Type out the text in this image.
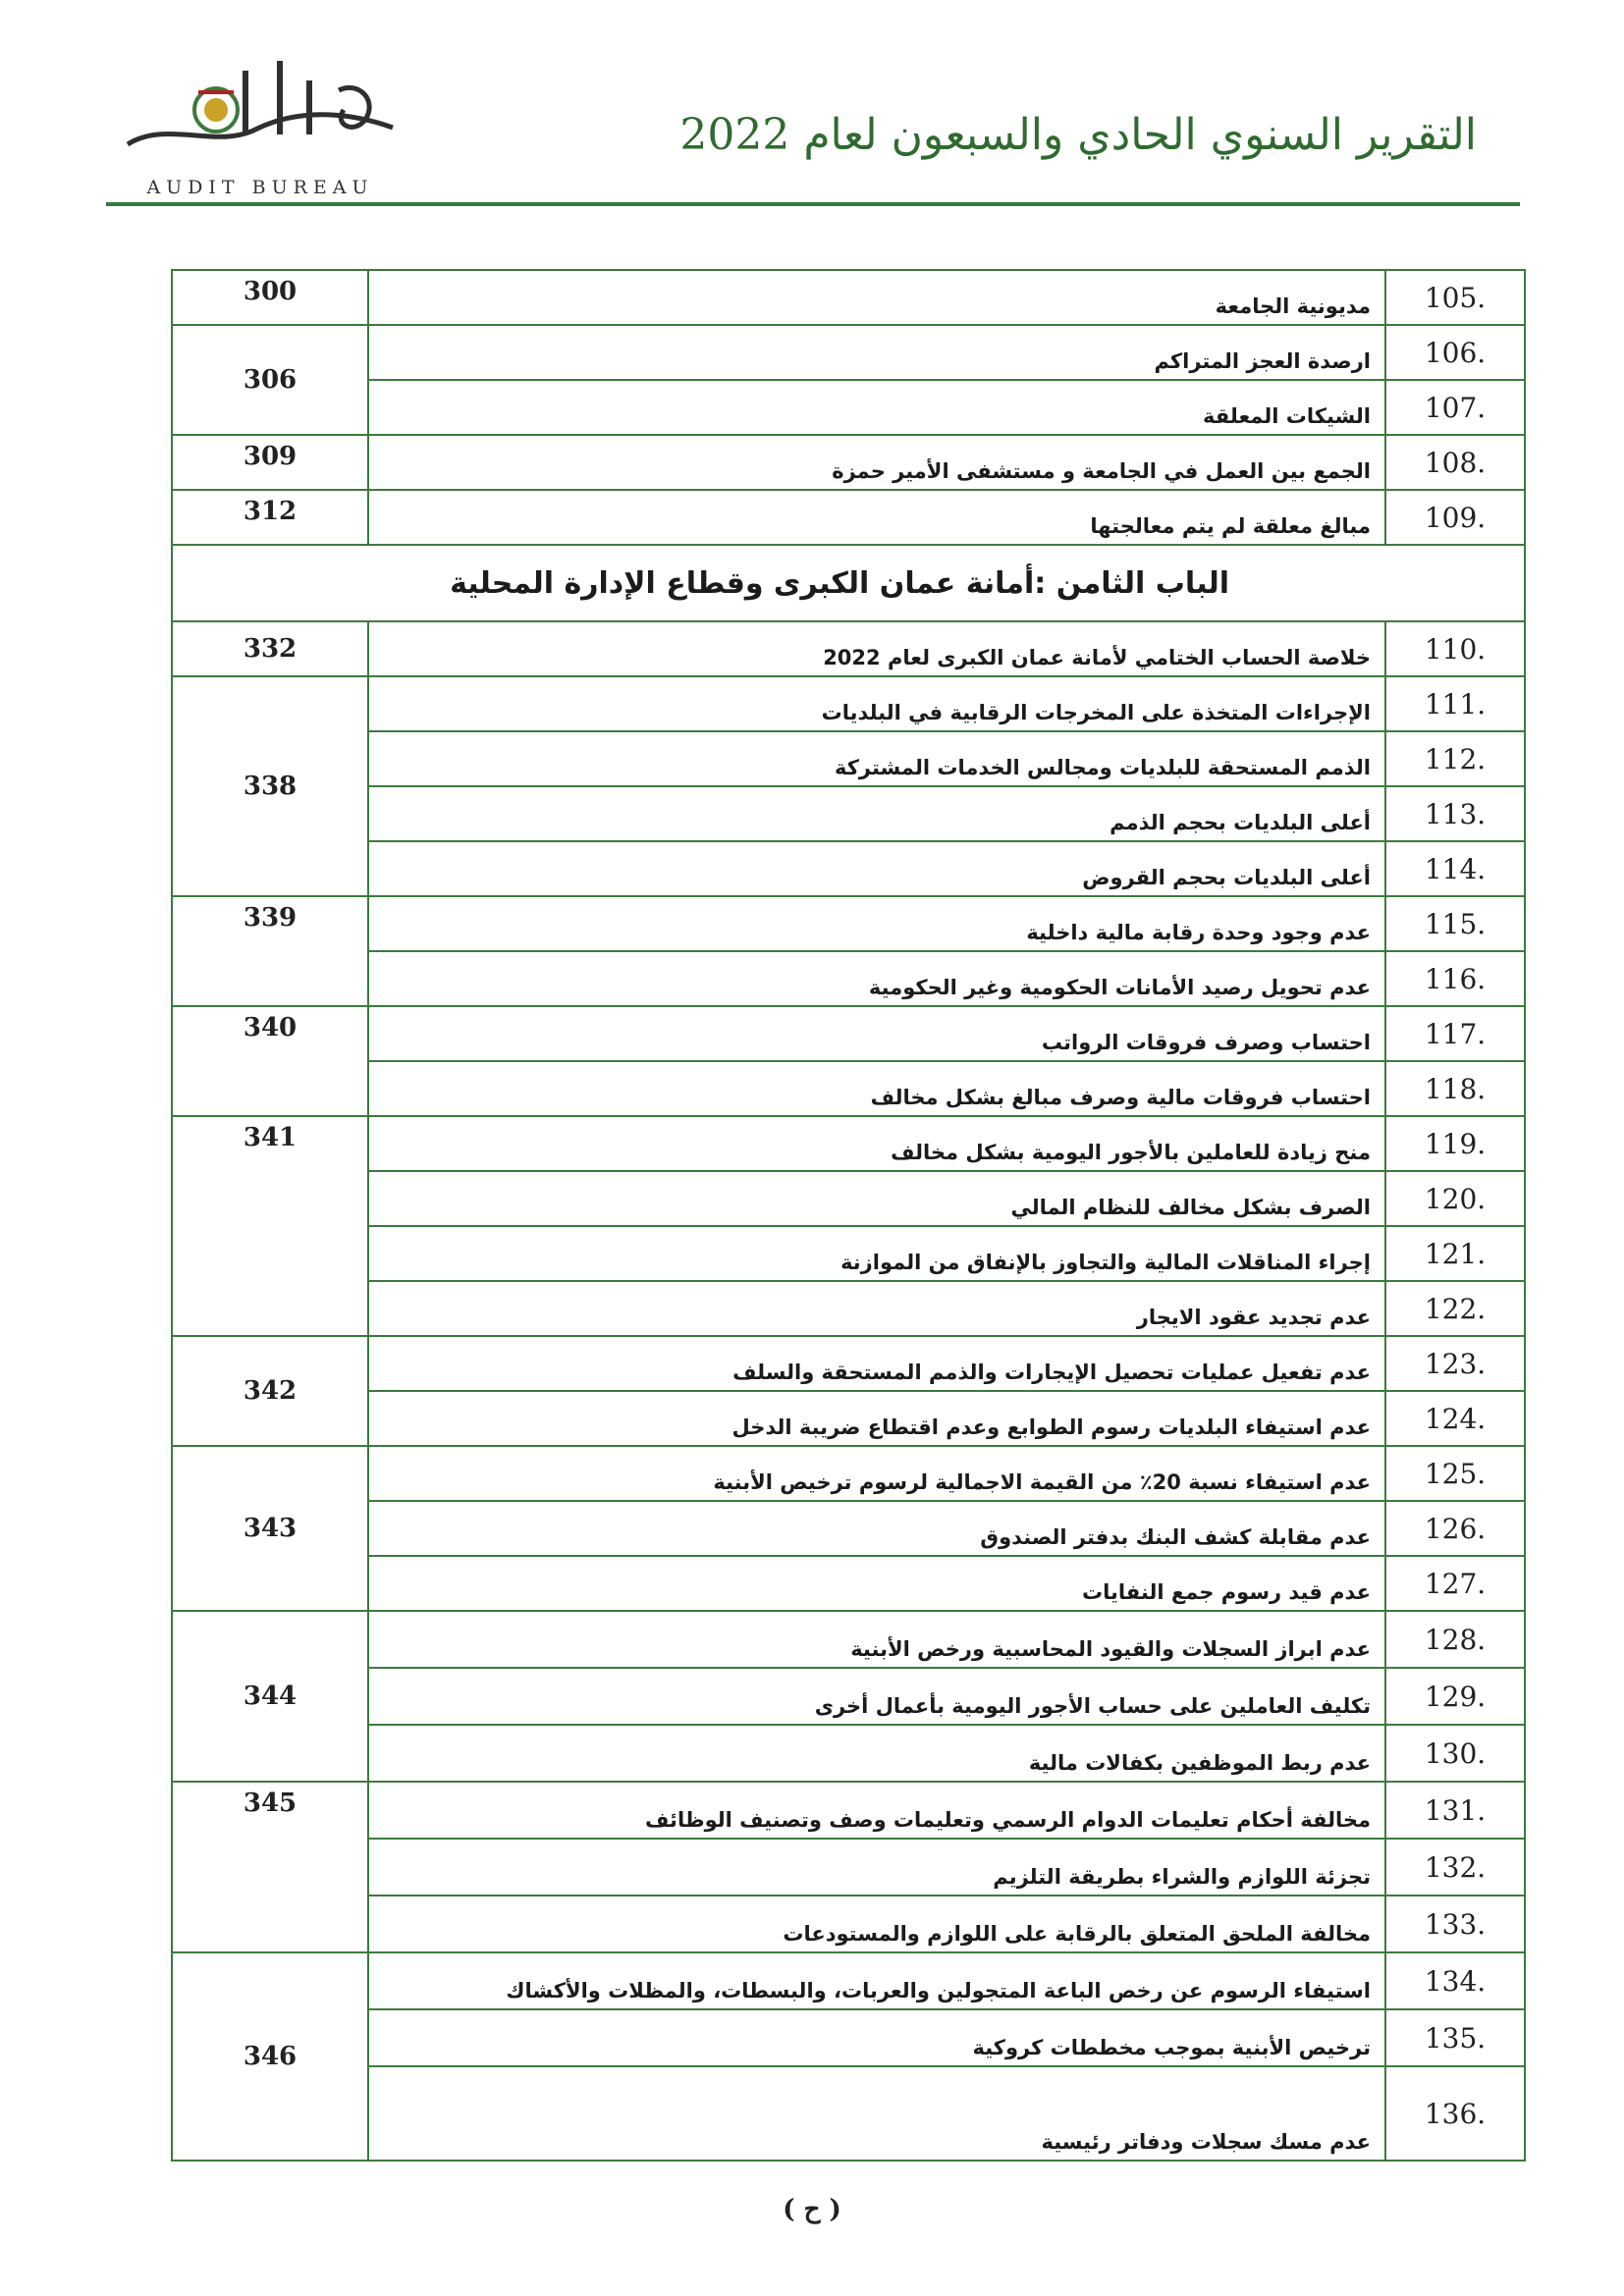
AUDIT BUREAU
التقرير السنوي الحادي والسبعون لعام 2022
105.	مديونية الجامعة	300
106.	ارصدة العجز المتراكم	306
107.	الشيكات المعلقة	
108.	الجمع بين العمل في الجامعة و مستشفى الأمير حمزة	309
109.	مبالغ معلقة لم يتم معالجتها	312
الباب الثامن :أمانة عمان الكبرى وقطاع الإدارة المحلية		
110.	خلاصة الحساب الختامي لأمانة عمان الكبرى لعام 2022	332
111.	الإجراءات المتخذة على المخرجات الرقابية في البلديات	338
112.	الذمم المستحقة للبلديات ومجالس الخدمات المشتركة	
113.	أعلى البلديات بحجم الذمم	
114.	أعلى البلديات بحجم القروض	
115.	عدم وجود وحدة رقابة مالية داخلية	339
116.	عدم تحويل رصيد الأمانات الحكومية وغير الحكومية	
117.	احتساب وصرف فروقات الرواتب	340
118.	احتساب فروقات مالية وصرف مبالغ بشكل مخالف	
119.	منح زيادة للعاملين بالأجور اليومية بشكل مخالف	341
120.	الصرف بشكل مخالف للنظام المالي	
121.	إجراء المناقلات المالية والتجاوز بالإنفاق من الموازنة	
122.	عدم تجديد عقود الايجار	
123.	عدم تفعيل عمليات تحصيل الإيجارات والذمم المستحقة والسلف	342
124.	عدم استيفاء البلديات رسوم الطوابع وعدم اقتطاع ضريبة الدخل	
125.	عدم استيفاء نسبة 20٪ من القيمة الاجمالية لرسوم ترخيص الأبنية	343
126.	عدم مقابلة كشف البنك بدفتر الصندوق	
127.	عدم قيد رسوم جمع النفايات	
128.	عدم ابراز السجلات والقيود المحاسبية ورخص الأبنية	344
129.	تكليف العاملين على حساب الأجور اليومية بأعمال أخرى	
130.	عدم ربط الموظفين بكفالات مالية	
131.	مخالفة أحكام تعليمات الدوام الرسمي وتعليمات وصف وتصنيف الوظائف	345
132.	تجزئة اللوازم والشراء بطريقة التلزيم	
133.	مخالفة الملحق المتعلق بالرقابة على اللوازم والمستودعات	
134.	استيفاء الرسوم عن رخص الباعة المتجولين والعربات، والبسطات، والمظلات والأكشاك	346
135.	ترخيص الأبنية بموجب مخططات كروكية	
136.	عدم مسك سجلات ودفاتر رئيسية	
( ح )
